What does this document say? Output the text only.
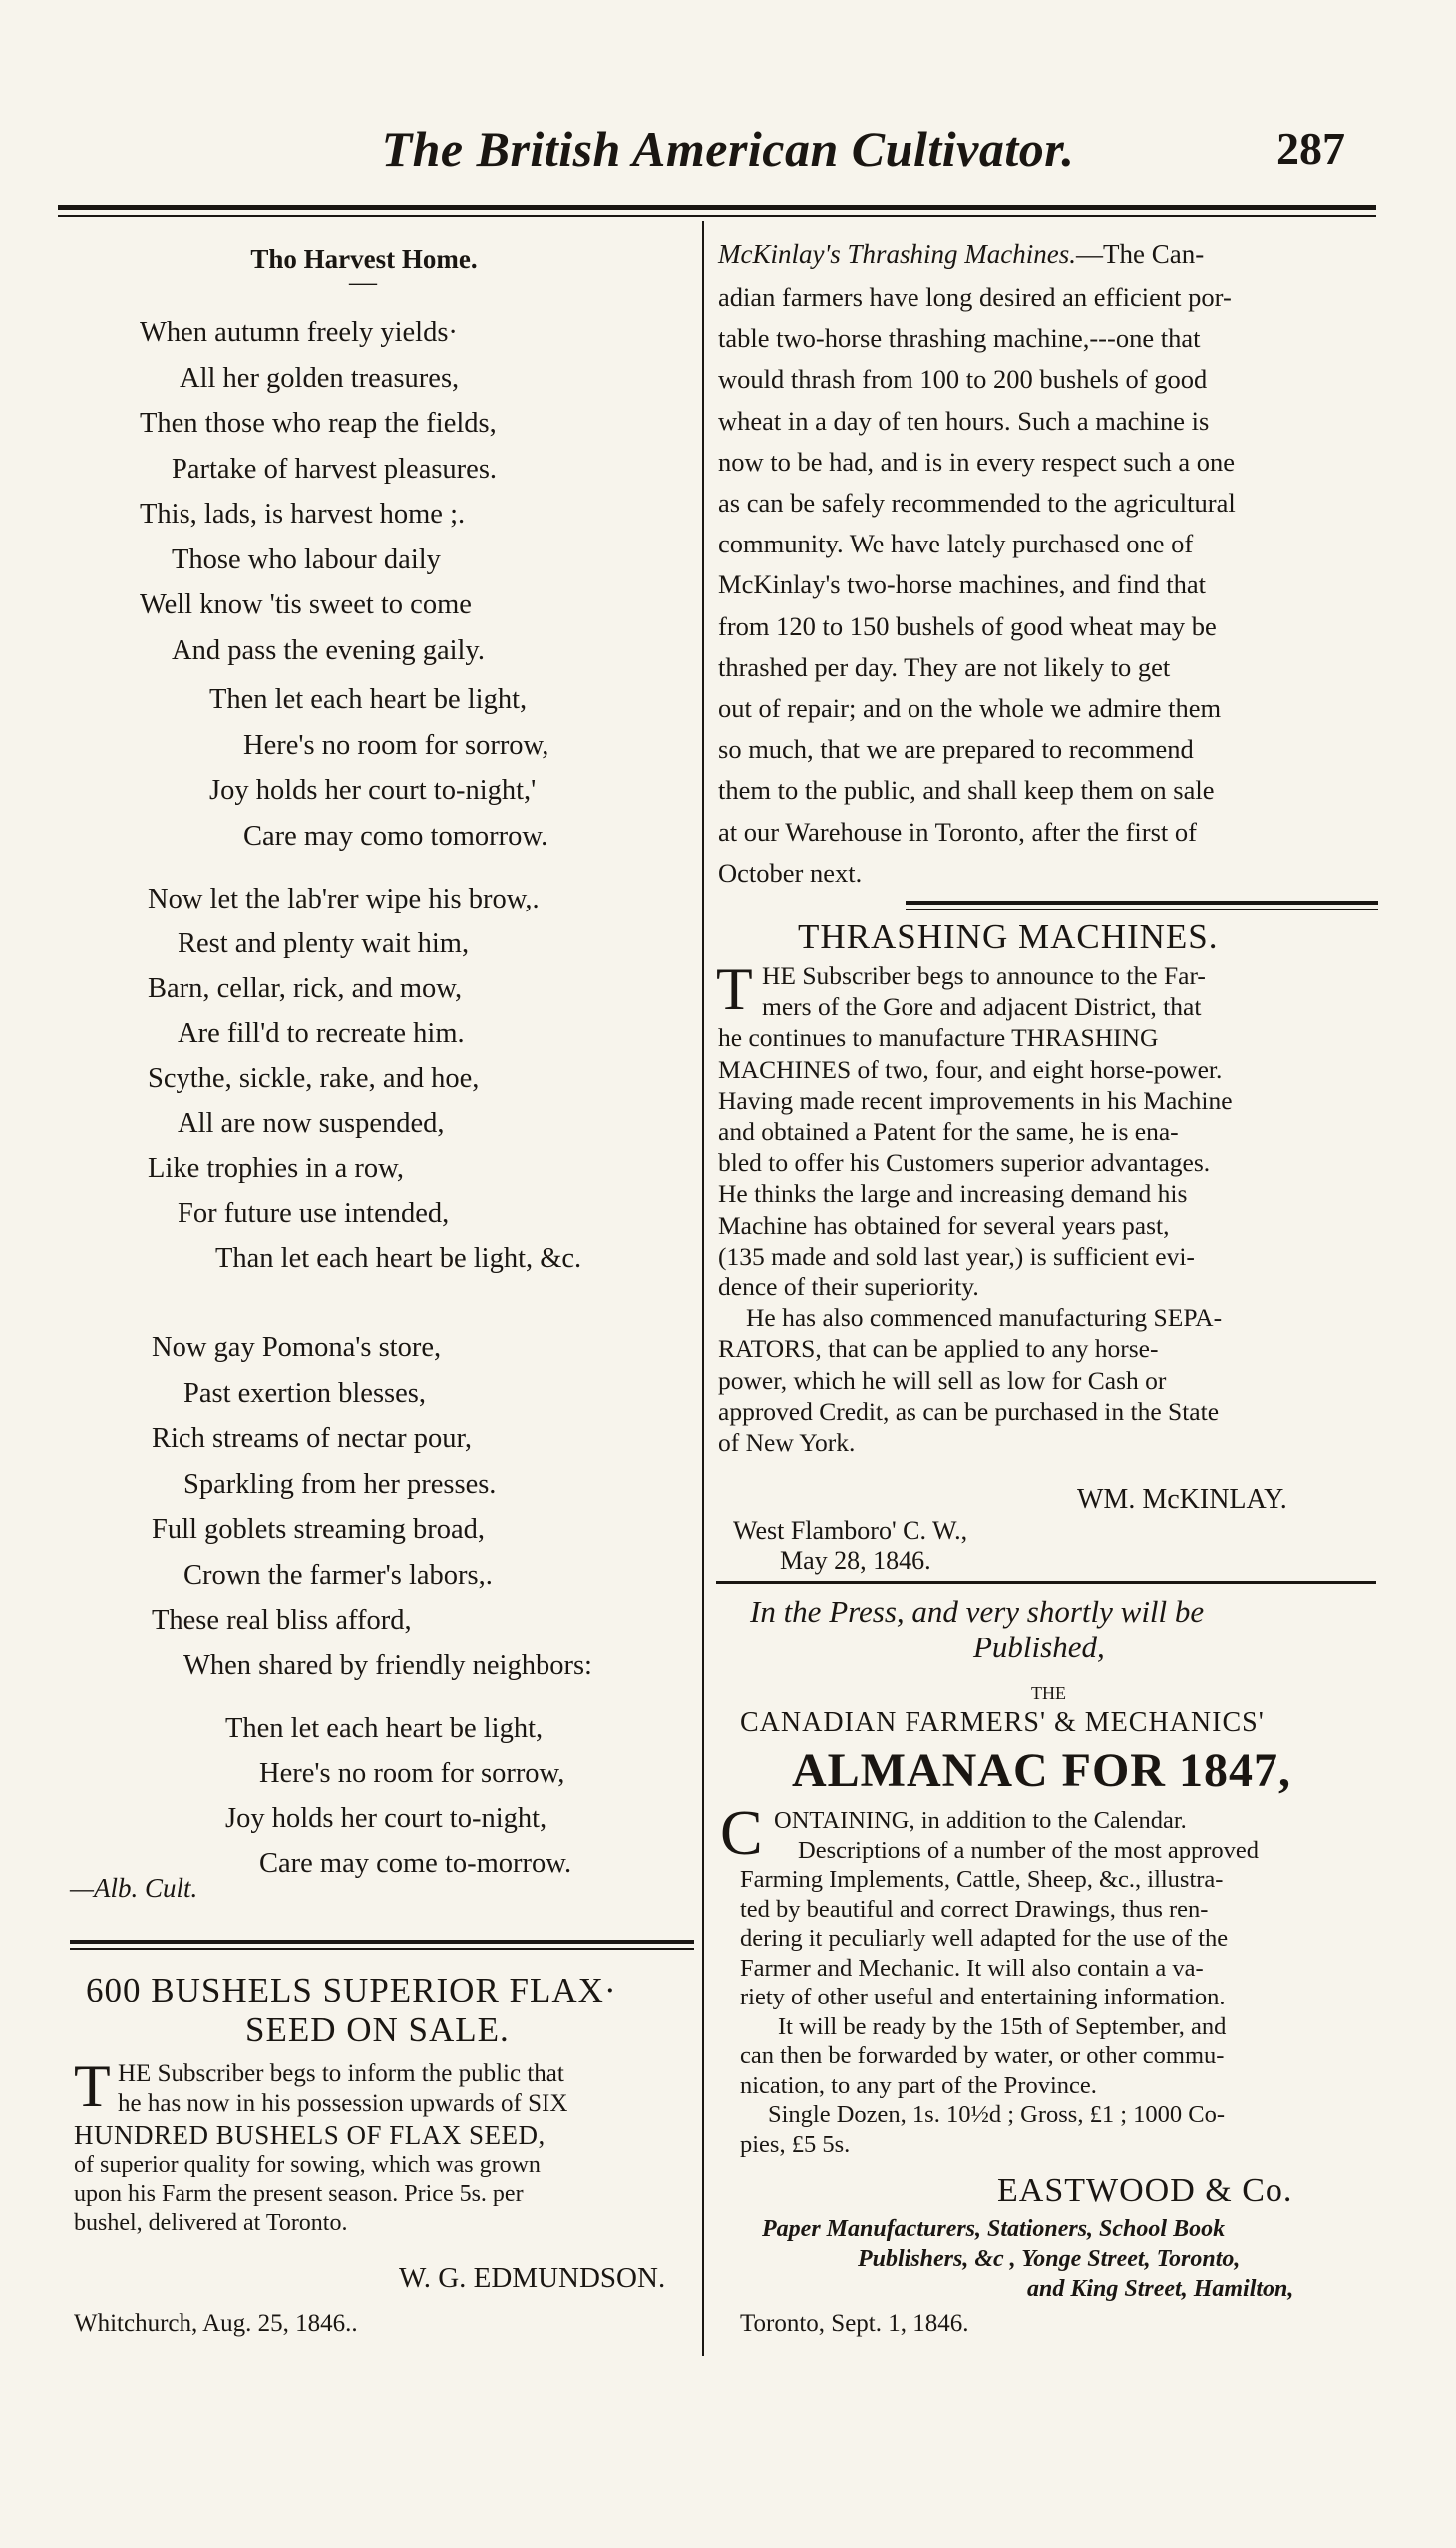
The British American Cultivator.	287
Tho Harvest Home.
—
When autumn freely yields·
All her golden treasures,
Then those who reap the fields,
Partake of harvest pleasures.
This, lads, is harvest home ;.
Those who labour daily
Well know 'tis sweet to come
And pass the evening gaily.
Then let each heart be light,
Here's no room for sorrow,
Joy holds her court to-night,'
Care may como tomorrow.
Now let the lab'rer wipe his brow,.
Rest and plenty wait him,
Barn, cellar, rick, and mow,
Are fill'd to recreate him.
Scythe, sickle, rake, and hoe,
All are now suspended,
Like trophies in a row,
For future use intended,
Than let each heart be light, &c.
Now gay Pomona's store,
Past exertion blesses,
Rich streams of nectar pour,
Sparkling from her presses.
Full goblets streaming broad,
Crown the farmer's labors,.
These real bliss afford,
When shared by friendly neighbors:
Then let each heart be light,
Here's no room for sorrow,
Joy holds her court to-night,
Care may come to-morrow.
—Alb. Cult.
600 BUSHELS SUPERIOR FLAX·
SEED ON SALE.
T HE Subscriber begs to inform the public that
he has now in his possession upwards of SIX
HUNDRED BUSHELS OF FLAX SEED,
of superior quality for sowing, which was grown
upon his Farm the present season. Price 5s. per
bushel, delivered at Toronto.
W. G. EDMUNDSON.
Whitchurch, Aug. 25, 1846..
McKinlay's Thrashing Machines.—The Can-
adian farmers have long desired an efficient por-
table two-horse thrashing machine,---one that
would thrash from 100 to 200 bushels of good
wheat in a day of ten hours. Such a machine is
now to be had, and is in every respect such a one
as can be safely recommended to the agricultural
community. We have lately purchased one of
McKinlay's two-horse machines, and find that
from 120 to 150 bushels of good wheat may be
thrashed per day. They are not likely to get
out of repair; and on the whole we admire them
so much, that we are prepared to recommend
them to the public, and shall keep them on sale
at our Warehouse in Toronto, after the first of
October next.
THRASHING MACHINES.
T HE Subscriber begs to announce to the Far-
mers of the Gore and adjacent District, that
he continues to manufacture THRASHING
MACHINES of two, four, and eight horse-power.
Having made recent improvements in his Machine
and obtained a Patent for the same, he is ena-
bled to offer his Customers superior advantages.
He thinks the large and increasing demand his
Machine has obtained for several years past,
(135 made and sold last year,) is sufficient evi-
dence of their superiority.
He has also commenced manufacturing SEPA-
RATORS, that can be applied to any horse-
power, which he will sell as low for Cash or
approved Credit, as can be purchased in the State
of New York.
WM. McKINLAY.
West Flamboro' C. W.,
May 28, 1846.
In the Press, and very shortly will be
Published,
THE
CANADIAN FARMERS' & MECHANICS'
ALMANAC FOR 1847,
C ONTAINING, in addition to the Calendar.
Descriptions of a number of the most approved
Farming Implements, Cattle, Sheep, &c., illustra-
ted by beautiful and correct Drawings, thus ren-
dering it peculiarly well adapted for the use of the
Farmer and Mechanic. It will also contain a va-
riety of other useful and entertaining information.
It will be ready by the 15th of September, and
can then be forwarded by water, or other commu-
nication, to any part of the Province.
Single Dozen, 1s. 10½d ; Gross, £1 ; 1000 Co-
pies, £5 5s.
EASTWOOD & Co.
Paper Manufacturers, Stationers, School Book
Publishers, &c , Yonge Street, Toronto,
and King Street, Hamilton,
Toronto, Sept. 1, 1846.
